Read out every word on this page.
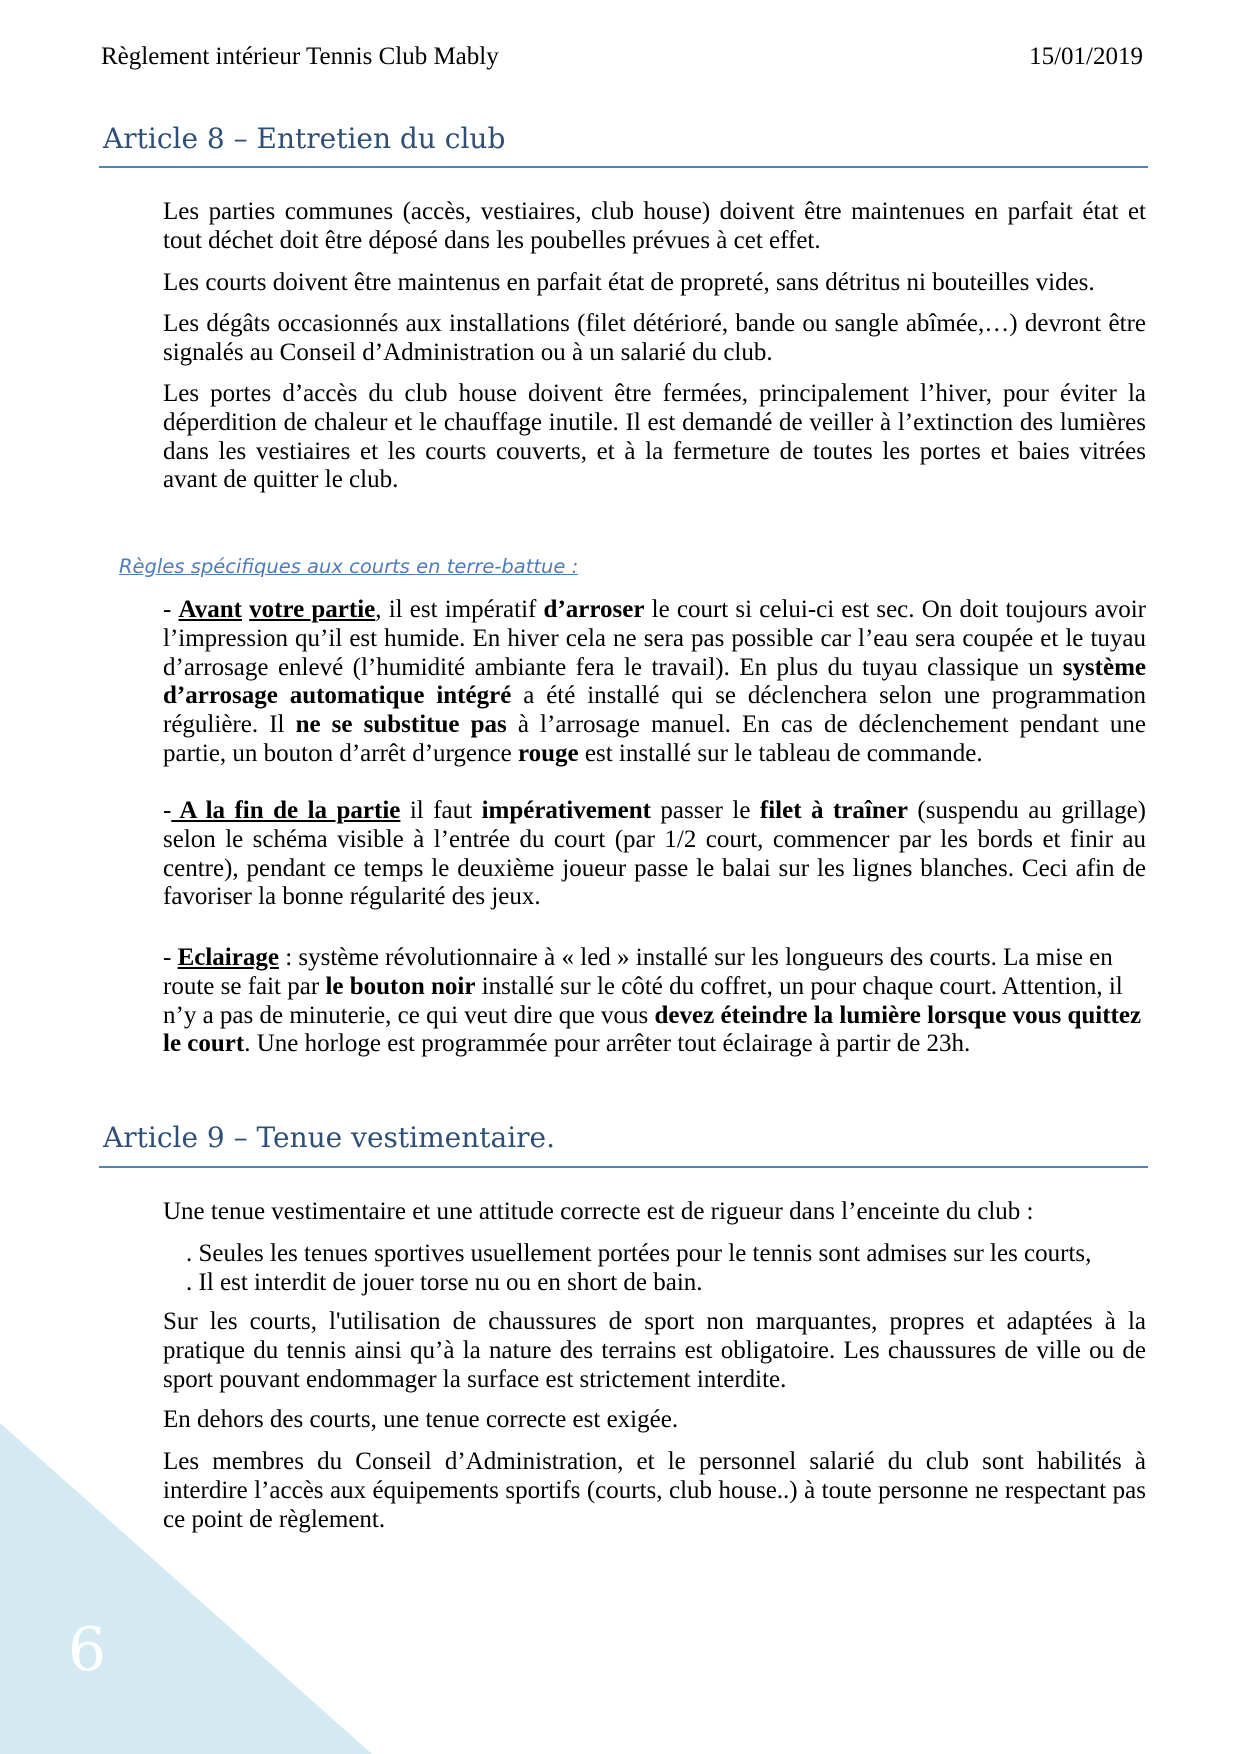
Règlement intérieur Tennis Club Mably	15/01/2019
Article 8 – Entretien du club

Les parties communes (accès, vestiaires, club house) doivent être maintenues en parfait état et tout déchet doit être déposé dans les poubelles prévues à cet effet.

Les courts doivent être maintenus en parfait état de propreté, sans détritus ni bouteilles vides.

Les dégâts occasionnés aux installations (filet détérioré, bande ou sangle abîmée,…) devront être signalés au Conseil d’Administration ou à un salarié du club.

Les portes d’accès du club house doivent être fermées, principalement l’hiver, pour éviter la déperdition de chaleur et le chauffage inutile. Il est demandé de veiller à l’extinction des lumières dans les vestiaires et les courts couverts, et à la fermeture de toutes les portes et baies vitrées avant de quitter le club.

Règles spécifiques aux courts en terre-battue :

- Avant votre partie, il est impératif d’arroser le court si celui-ci est sec. On doit toujours avoir l’impression qu’il est humide. En hiver cela ne sera pas possible car l’eau sera coupée et le tuyau d’arrosage enlevé (l’humidité ambiante fera le travail). En plus du tuyau classique un système d’arrosage automatique intégré a été installé qui se déclenchera selon une programmation régulière. Il ne se substitue pas à l’arrosage manuel. En cas de déclenchement pendant une partie, un bouton d’arrêt d’urgence rouge est installé sur le tableau de commande.

- A la fin de la partie il faut impérativement passer le filet à traîner (suspendu au grillage) selon le schéma visible à l’entrée du court (par 1/2 court, commencer par les bords et finir au centre), pendant ce temps le deuxième joueur passe le balai sur les lignes blanches. Ceci afin de favoriser la bonne régularité des jeux.

- Eclairage : système révolutionnaire à « led » installé sur les longueurs des courts. La mise en route se fait par le bouton noir installé sur le côté du coffret, un pour chaque court. Attention, il n’y a pas de minuterie, ce qui veut dire que vous devez éteindre la lumière lorsque vous quittez le court. Une horloge est programmée pour arrêter tout éclairage à partir de 23h.

Article 9 – Tenue vestimentaire.

Une tenue vestimentaire et une attitude correcte est de rigueur dans l’enceinte du club :

. Seules les tenues sportives usuellement portées pour le tennis sont admises sur les courts,

. Il est interdit de jouer torse nu ou en short de bain.

Sur les courts, l'utilisation de chaussures de sport non marquantes, propres et adaptées à la pratique du tennis ainsi qu’à la nature des terrains est obligatoire. Les chaussures de ville ou de sport pouvant endommager la surface est strictement interdite.

En dehors des courts, une tenue correcte est exigée.

Les membres du Conseil d’Administration, et le personnel salarié du club sont habilités à interdire l’accès aux équipements sportifs (courts, club house..) à toute personne ne respectant pas ce point de règlement.

6
